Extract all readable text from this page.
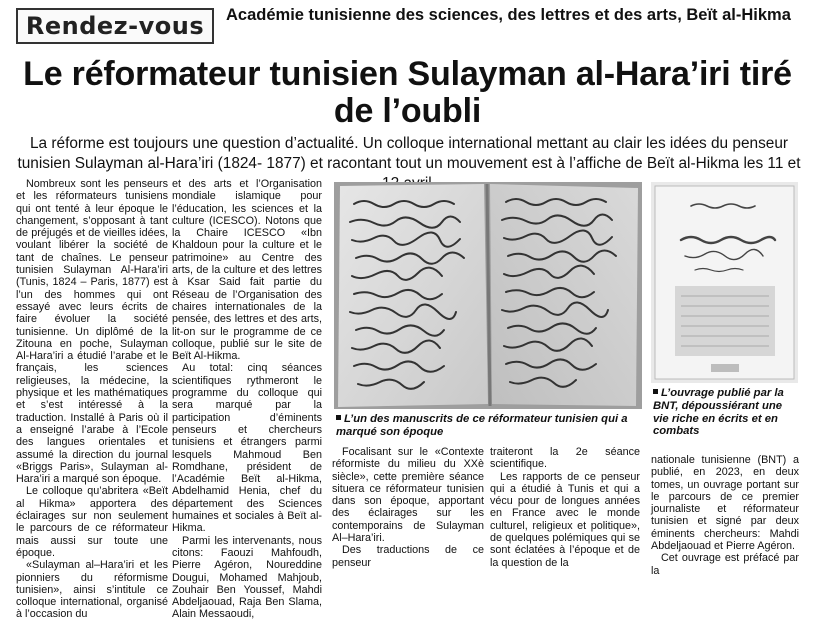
Rendez-vous Académie tunisienne des sciences, des lettres et des arts, Beït al-Hikma
Le réformateur tunisien Sulayman al-Hara’iri tiré de l’oubli
La réforme est toujours une question d’actualité. Un colloque international mettant au clair les idées du penseur tunisien Sulayman al-Hara’iri (1824- 1877) et racontant tout un mouvement est à l’affiche de Beït al-Hikma les 11 et

Nombreux sont les penseurs et les réformateurs tunisiens qui ont tenté à leur époque le changement, s’opposant à tant de préjugés et de vieilles idées, voulant libérer la société de tant de chaînes. Le penseur tunisien Sulayman Al-Hara’iri (Tunis, 1824 – Paris, 1877) est l’un des hommes qui ont essayé avec leurs écrits de faire évoluer la société tunisienne. Un diplômé de la Zitouna en poche, Sulayman Al-Hara’iri a étudié l’arabe et le français, les sciences religieuses, la médecine, la physique et les mathématiques et s’est intéressé à la traduction. Installé à Paris où il a enseigné l’arabe à l’Ecole des langues orientales et assumé la direction du journal «Briggs Paris», Sulayman al-Hara’iri a marqué son époque.

Le colloque qu’abritera «Beït al Hikma» apportera des éclairages sur non seulement le parcours de ce réformateur mais aussi sur toute une époque.

«Sulayman al–Hara’iri et les pionniers du réformisme tunisien», ainsi s’intitule ce colloque international, organisé à l’occasion du

et des arts et l’Organisation mondiale islamique pour l’éducation, les sciences et la culture (ICESCO). Notons que la Chaire ICESCO «Ibn Khaldoun pour la culture et le patrimoine» au Centre des arts, de la culture et des lettres à Ksar Said fait partie du Réseau de l’Organisation des chaires internationales de la pensée, des lettres et des arts, lit-on sur le programme de ce colloque, publié sur le site de Beït Al-Hikma.

Au total: cinq séances scientifiques rythmeront le programme du colloque qui sera marqué par la participation d’éminents penseurs et chercheurs tunisiens et étrangers parmi lesquels Mahmoud Ben Romdhane, président de l’Académie Beït al-Hikma, Abdelhamid Henia, chef du département des Sciences humaines et sociales à Beït al-Hikma.

Parmi les intervenants, nous citons: Faouzi Mahfoudh, Pierre Agéron, Noureddine Dougui, Mohamed Mahjoub, Zouhair Ben Youssef, Mahdi Abdeljaouad, Raja Ben Slama, Alain Messaoudi,

L’un des manuscrits de ce réformateur tunisien qui a marqué son époque

Focalisant sur le «Contexte réformiste du milieu du XXè siècle», cette première séance situera ce réformateur tunisien dans son époque, apportant des éclairages sur les contemporains de Sulayman Al–Hara’iri.

Des traductions de ce penseur

traiteront la 2e séance scientifique.

Les rapports de ce penseur qui a étudié à Tunis et qui a vécu pour de longues années en France avec le monde culturel, religieux et politique», de quelques polémiques qui se sont éclatées à l’époque et de la question de la

L’ouvrage publié par la BNT, dépoussiérant une vie riche en écrits et en combats

nationale tunisienne (BNT) a publié, en 2023, en deux tomes, un ouvrage portant sur le parcours de ce premier journaliste et réformateur tunisien et signé par deux éminents chercheurs: Mahdi Abdeljaouad et Pierre Agéron.

Cet ouvrage est préfacé par la
